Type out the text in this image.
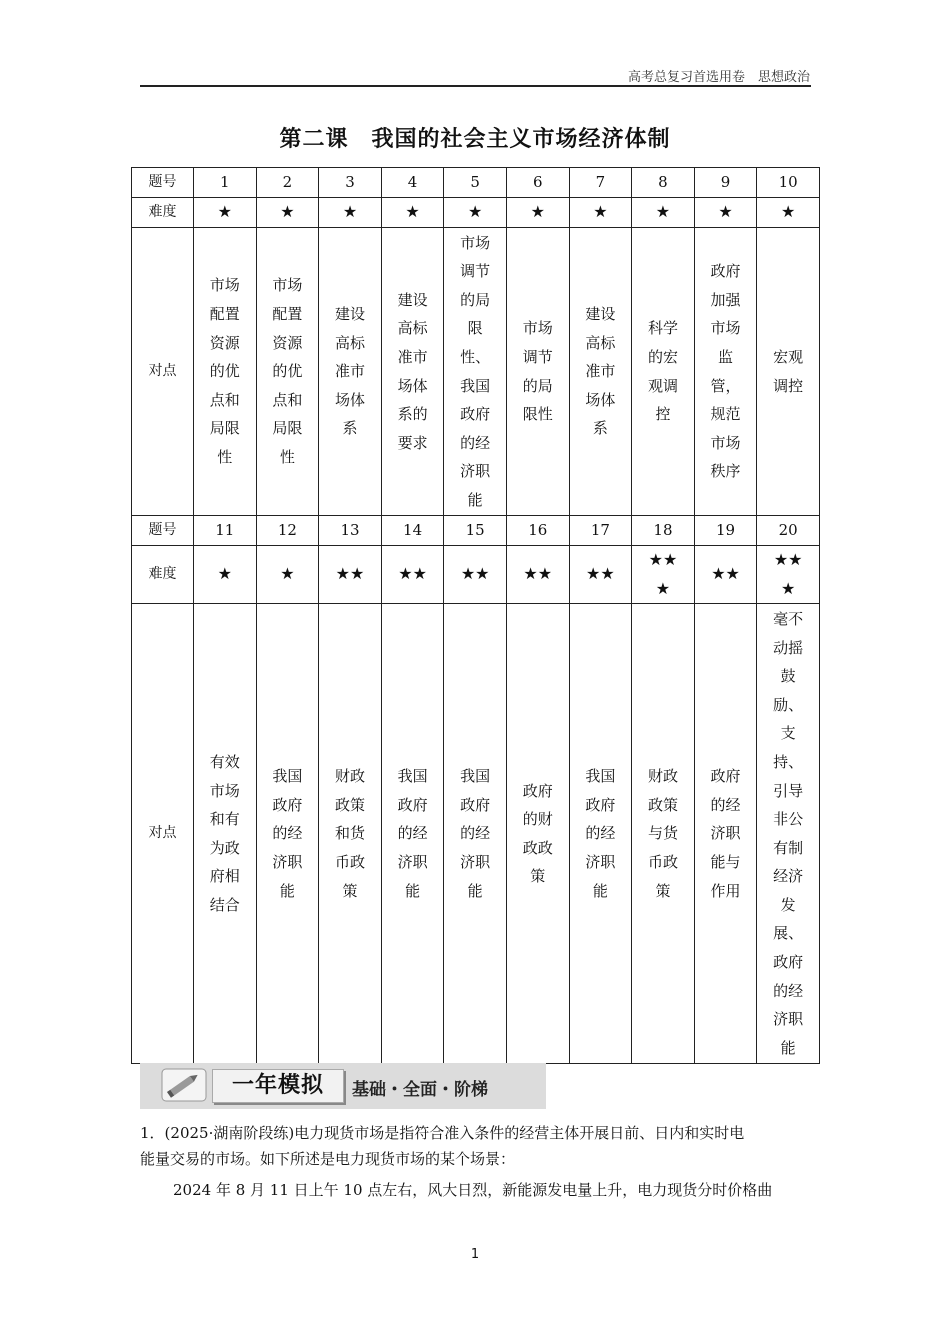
高考总复习首选用卷　思想政治
第二课　我国的社会主义市场经济体制
题号	1	2	3	4	5	6	7	8	9	10
难度	★	★	★	★	★	★	★	★	★	★
对点	市场配置资源的优点和局限性	市场配置资源的优点和局限性	建设高标准市场体系	建设高标准市场体系的要求	市场调节的局限性、我国政府的经济职能	市场调节的局限性	建设高标准市场体系	科学的宏观调控	政府加强市场监管，规范市场秩序	宏观调控
题号	11	12	13	14	15	16	17	18	19	20
难度	★	★	★★	★★	★★	★★	★★	★★★	★★	★★★
对点	有效市场和有为政府相结合	我国政府的经济职能	财政政策和货币政策	我国政府的经济职能	我国政府的经济职能	政府的财政政策	我国政府的经济职能	财政政策与货币政策	政府的经济职能与作用	毫不动摇鼓励、支持、引导非公有制经济发展、政府的经济职能
一年模拟	基础・全面・阶梯
1．(2025·湖南阶段练)电力现货市场是指符合准入条件的经营主体开展日前、日内和实时电
能量交易的市场。如下所述是电力现货市场的某个场景：
2024 年 8 月 11 日上午 10 点左右，风大日烈，新能源发电量上升，电力现货分时价格曲
1
